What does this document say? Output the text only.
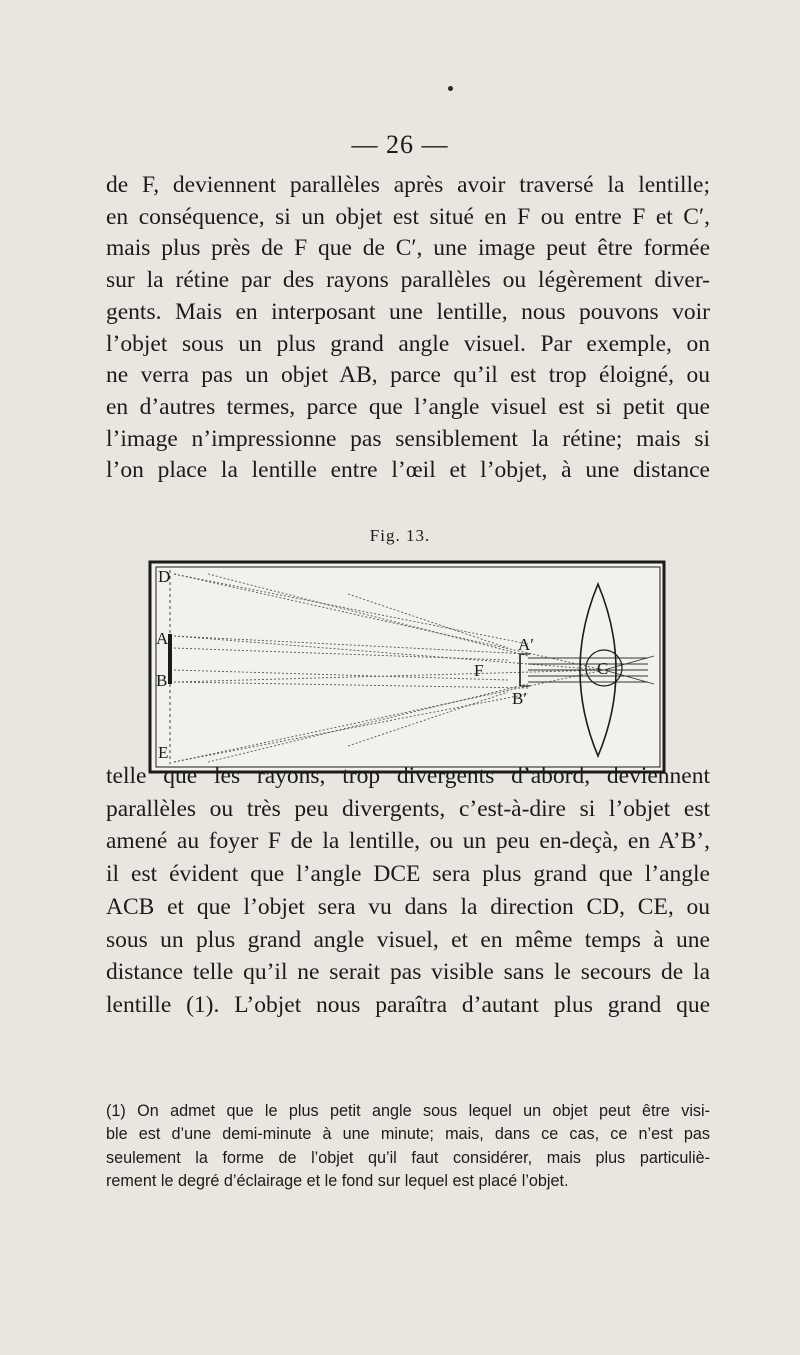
— 26 —

de F, deviennent parallèles après avoir traversé la lentille;
en conséquence, si un objet est situé en F ou entre F et C′,
mais plus près de F que de C′, une image peut être formée
sur la rétine par des rayons parallèles ou légèrement diver-
gents. Mais en interposant une lentille, nous pouvons voir
l’objet sous un plus grand angle visuel. Par exemple, on
ne verra pas un objet AB, parce qu’il est trop éloigné, ou
en d’autres termes, parce que l’angle visuel est si petit que
l’image n’impressionne pas sensiblement la rétine; mais si
l’on place la lentille entre l’œil et l’objet, à une distance

Fig. 13.
D
A
B
E
A′
B′
F	C

telle que les rayons, trop divergents d’abord, deviennent
parallèles ou très peu divergents, c’est-à-dire si l’objet est
amené au foyer F de la lentille, ou un peu en-deçà, en A’B’,
il est évident que l’angle DCE sera plus grand que l’angle
ACB et que l’objet sera vu dans la direction CD, CE, ou
sous un plus grand angle visuel, et en même temps à une
distance telle qu’il ne serait pas visible sans le secours de la
lentille (1). L’objet nous paraîtra d’autant plus grand que

(1) On admet que le plus petit angle sous lequel un objet peut être visi-
ble est d’une demi-minute à une minute; mais, dans ce cas, ce n’est pas
seulement la forme de l’objet qu’il faut considérer, mais plus particuliè-
rement le degré d’éclairage et le fond sur lequel est placé l’objet.
